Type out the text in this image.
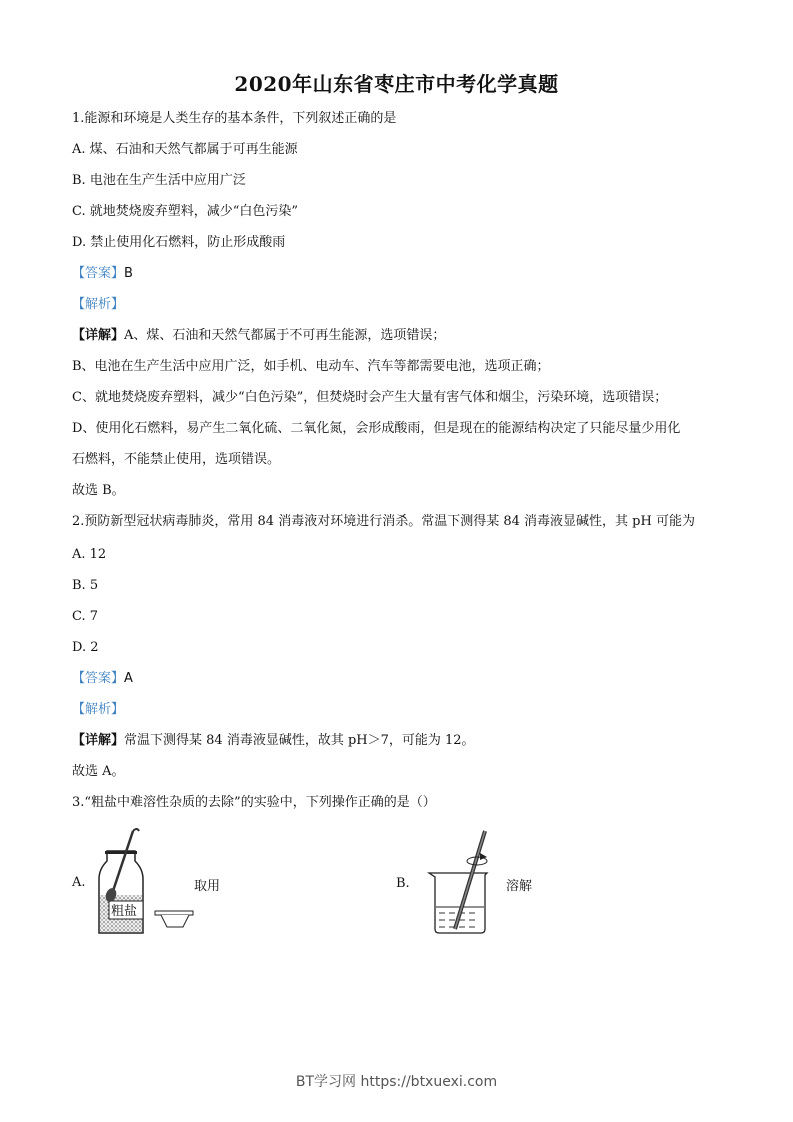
2020年山东省枣庄市中考化学真题
1.能源和环境是人类生存的基本条件，下列叙述正确的是
A. 煤、石油和天然气都属于可再生能源
B. 电池在生产生活中应用广泛
C. 就地焚烧废弃塑料，减少“白色污染”
D. 禁止使用化石燃料，防止形成酸雨
【答案】B
【解析】
【详解】A、煤、石油和天然气都属于不可再生能源，选项错误；
B、电池在生产生活中应用广泛，如手机、电动车、汽车等都需要电池，选项正确；
C、就地焚烧废弃塑料，减少“白色污染”，但焚烧时会产生大量有害气体和烟尘，污染环境，选项错误；
D、使用化石燃料，易产生二氧化硫、二氧化氮，会形成酸雨，但是现在的能源结构决定了只能尽量少用化
石燃料，不能禁止使用，选项错误。
故选 B。
2.预防新型冠状病毒肺炎，常用 84 消毒液对环境进行消杀。常温下测得某 84 消毒液显碱性，其 pH 可能为
A. 12
B. 5
C. 7
D. 2
【答案】A
【解析】
【详解】常温下测得某 84 消毒液显碱性，故其 pH＞7，可能为 12。
故选 A。
3.“粗盐中难溶性杂质的去除”的实验中，下列操作正确的是（）
A.
粗盐
取用	B.	溶解
BT学习网 https://btxuexi.com
